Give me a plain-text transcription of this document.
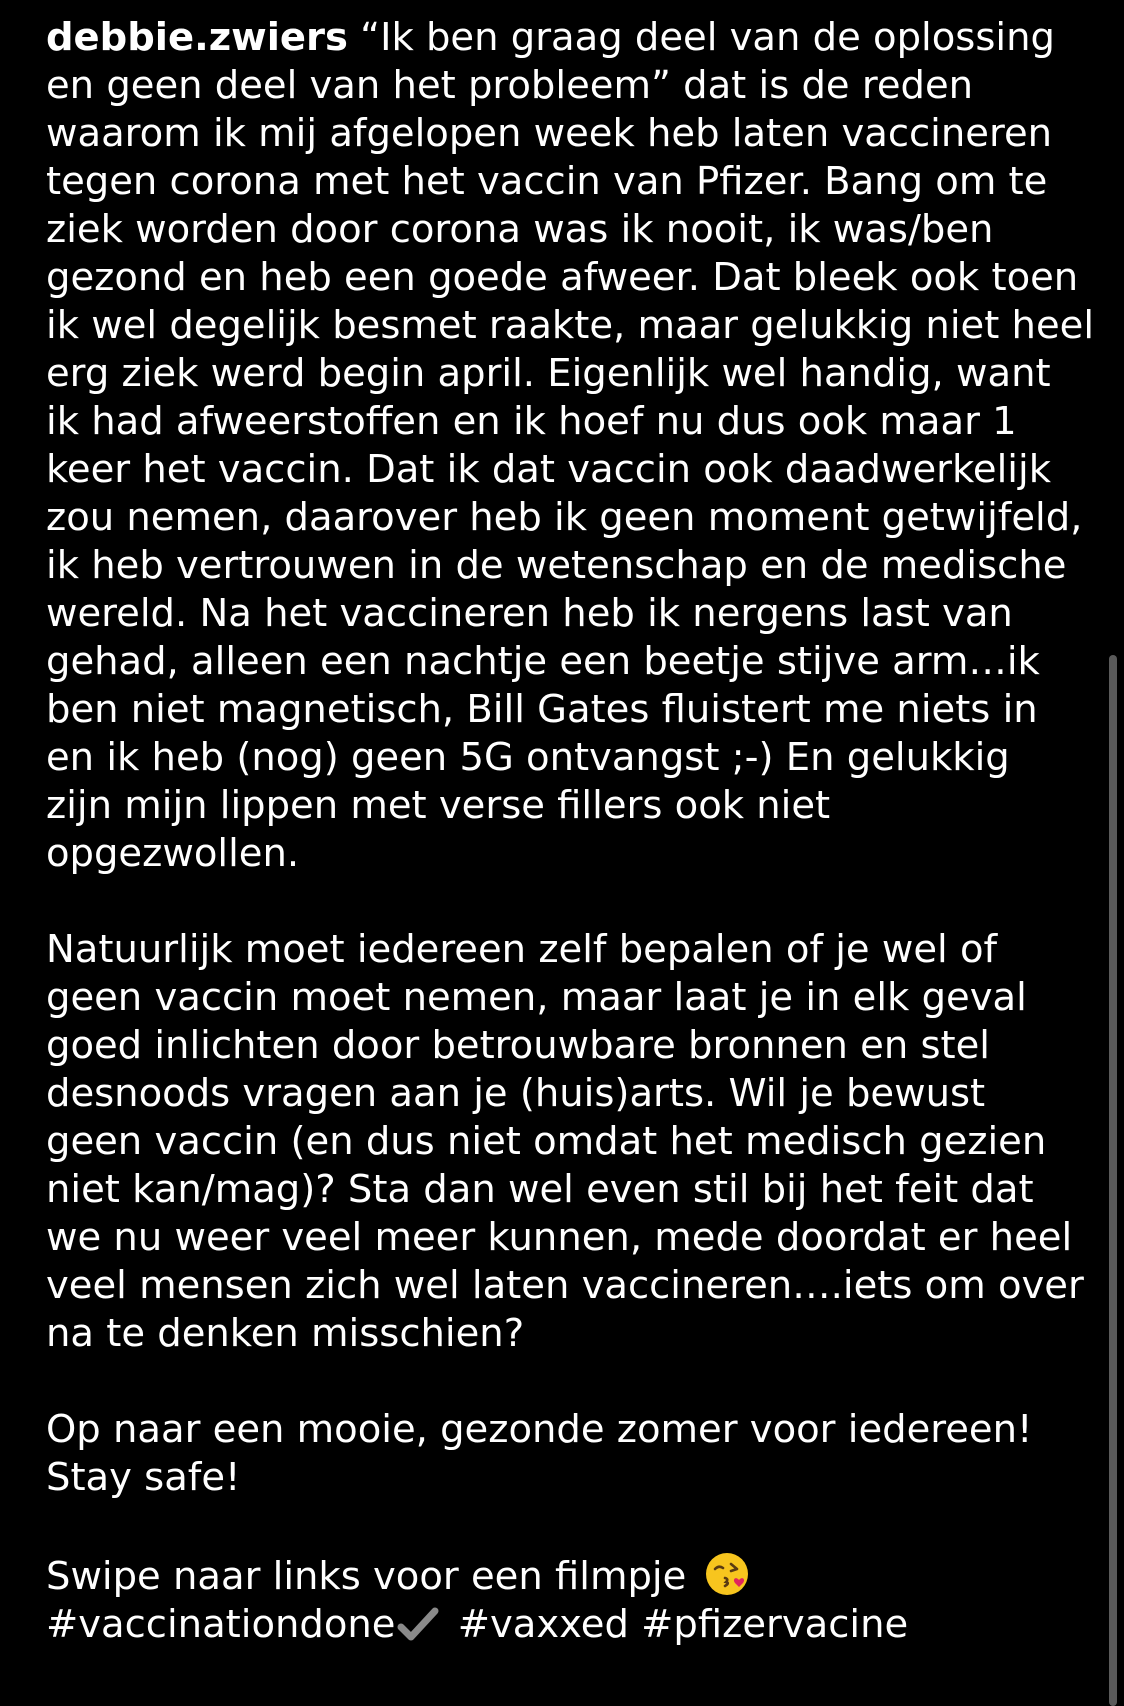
debbie.zwiers “Ik ben graag deel van de oplossing
en geen deel van het probleem” dat is de reden
waarom ik mij afgelopen week heb laten vaccineren
tegen corona met het vaccin van Pfizer. Bang om te
ziek worden door corona was ik nooit, ik was/ben
gezond en heb een goede afweer. Dat bleek ook toen
ik wel degelijk besmet raakte, maar gelukkig niet heel
erg ziek werd begin april. Eigenlijk wel handig, want
ik had afweerstoffen en ik hoef nu dus ook maar 1
keer het vaccin. Dat ik dat vaccin ook daadwerkelijk
zou nemen, daarover heb ik geen moment getwijfeld,
ik heb vertrouwen in de wetenschap en de medische
wereld. Na het vaccineren heb ik nergens last van
gehad, alleen een nachtje een beetje stijve arm…ik
ben niet magnetisch, Bill Gates fluistert me niets in
en ik heb (nog) geen 5G ontvangst ;-) En gelukkig
zijn mijn lippen met verse fillers ook niet
opgezwollen.
Natuurlijk moet iedereen zelf bepalen of je wel of
geen vaccin moet nemen, maar laat je in elk geval
goed inlichten door betrouwbare bronnen en stel
desnoods vragen aan je (huis)arts. Wil je bewust
geen vaccin (en dus niet omdat het medisch gezien
niet kan/mag)? Sta dan wel even stil bij het feit dat
we nu weer veel meer kunnen, mede doordat er heel
veel mensen zich wel laten vaccineren….iets om over
na te denken misschien?
Op naar een mooie, gezonde zomer voor iedereen!
Stay safe!
Swipe naar links voor een filmpje
#vaccinationdone #vaxxed #pfizervacine
